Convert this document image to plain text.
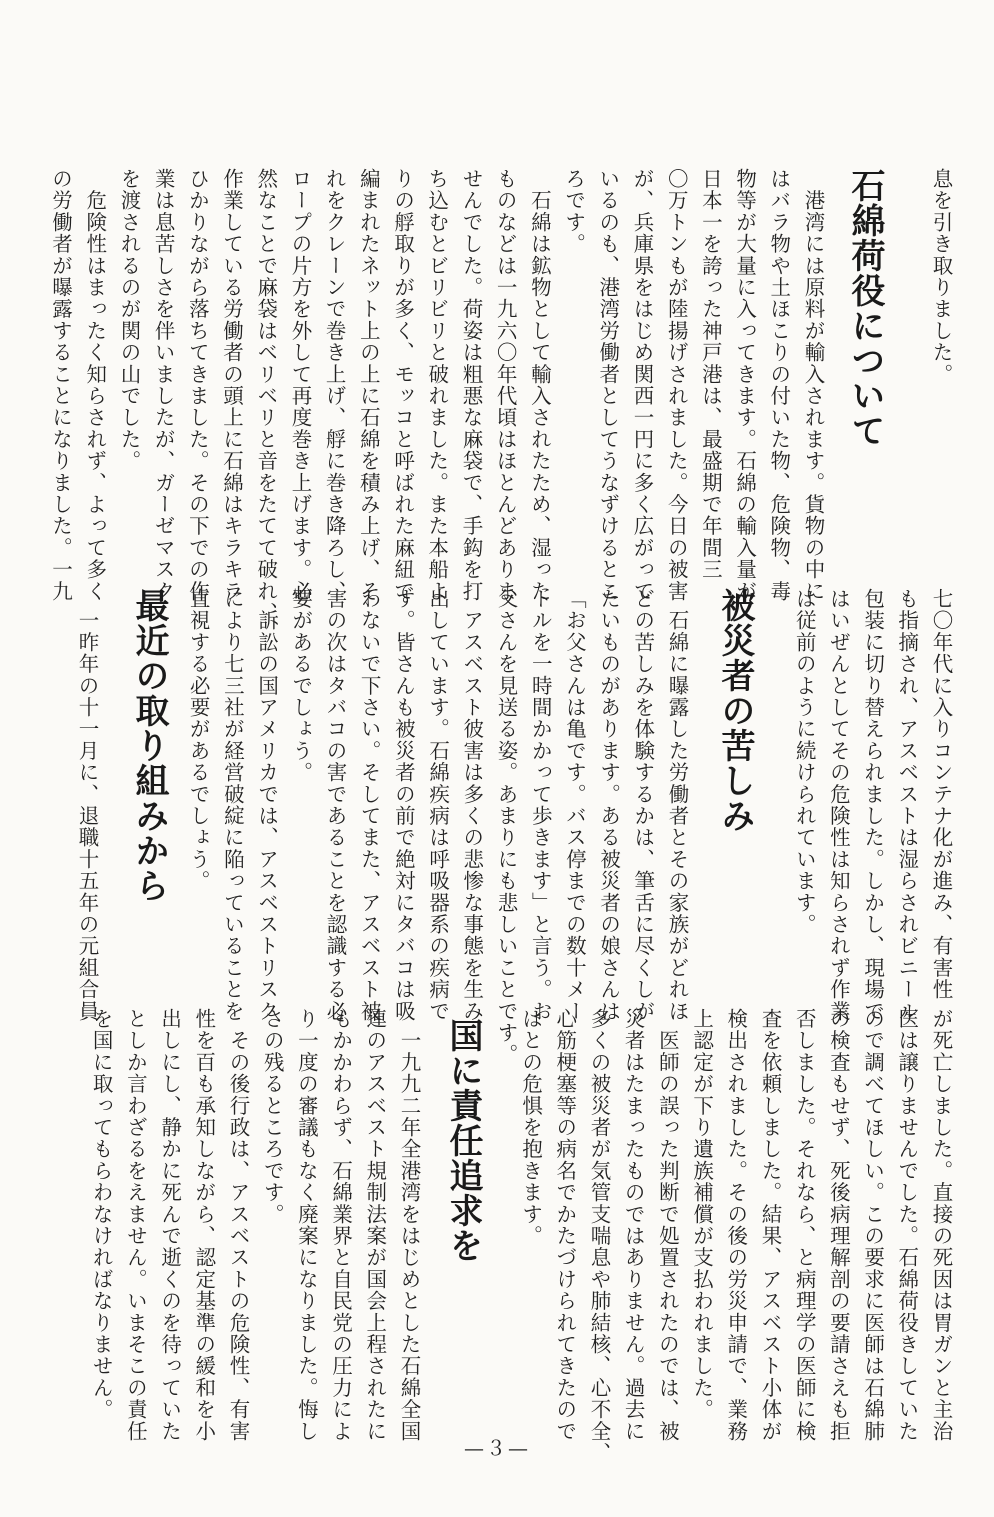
息を引き取りました。

石綿荷役について

　港湾には原料が輸入されます。貨物の中に

はバラ物や土ほこりの付いた物、危険物、毒

物等が大量に入ってきます。石綿の輸入量が

日本一を誇った神戸港は、最盛期で年間三

〇万トンもが陸揚げされました。今日の被害

が、兵庫県をはじめ関西一円に多く広がって

いるのも、港湾労働者としてうなずけるとこ

ろです。

　石綿は鉱物として輸入されたため、湿った

ものなどは一九六〇年代頃はほとんどありま

せんでした。荷姿は粗悪な麻袋で、手鈎を打

ち込むとビリビリと破れました。また本船よ

りの艀取りが多く、モッコと呼ばれた麻紐で

編まれたネット上の上に石綿を積み上げ、そ

れをクレーンで巻き上げ、艀に巻き降ろし、

ロープの片方を外して再度巻き上げます。必

然なことで麻袋はベリベリと音をたてて破れ、

作業している労働者の頭上に石綿はキラキラ

ひかりながら落ちてきました。その下での作

業は息苦しさを伴いましたが、ガーゼマスク

を渡されるのが関の山でした。

　危険性はまったく知らされず、よって多く

の労働者が曝露することになりました。一九

七〇年代に入りコンテナ化が進み、有害性

も指摘され、アスベストは湿らされビニール

包装に切り替えられました。しかし、現場で

はいぜんとしてその危険性は知らされず作業

は従前のように続けられています。

被災者の苦しみ

　石綿に曝露した労働者とその家族がどれほ

どの苦しみを体験するかは、筆舌に尽くしが

たいものがあります。ある被災者の娘さんは

「お父さんは亀です。バス停までの数十メー

トルを一時間かかって歩きます」と言う。お

父さんを見送る姿。あまりにも悲しいことです。

　アスベスト彼害は多くの悲惨な事態を生み

出しています。石綿疾病は呼吸器系の疾病で

す。皆さんも被災者の前で絶対にタバコは吸

わないで下さい。そしてまた、アスベスト被

害の次はタバコの害であることを認識する必

要があるでしょう。

　訴訟の国アメリカでは、アスベストリスク

により七三社が経営破綻に陥っていることを

直視する必要があるでしょう。

最近の取り組みから

　一昨年の十一月に、退職十五年の元組合員

が死亡しました。直接の死因は胃ガンと主治

医は譲りませんでした。石綿荷役きしていた

ので調べてほしい。この要求に医師は石綿肺

の検査もせず、死後病理解剖の要請さえも拒

否しました。それなら、と病理学の医師に検

査を依頼しました。結果、アスベスト小体が

検出されました。その後の労災申請で、業務

上認定が下り遺族補償が支払われました。

　医師の誤った判断で処置されたのでは、被

災者はたまったものではありません。過去に

多くの被災者が気管支喘息や肺結核、心不全、

心筋梗塞等の病名でかたづけられてきたので

はとの危惧を抱きます。

国に責任追求を

　一九九二年全港湾をはじめとした石綿全国

連のアスベスト規制法案が国会上程されたに

もかかわらず、石綿業界と自民党の圧力によ

り一度の審議もなく廃案になりました。悔し

さの残るところです。

　その後行政は、アスベストの危険性、有害

性を百も承知しながら、認定基準の緩和を小

出しにし、静かに死んで逝くのを待っていた

としか言わざるをえません。いまそこの責任

を国に取ってもらわなければなりません。

—３—
